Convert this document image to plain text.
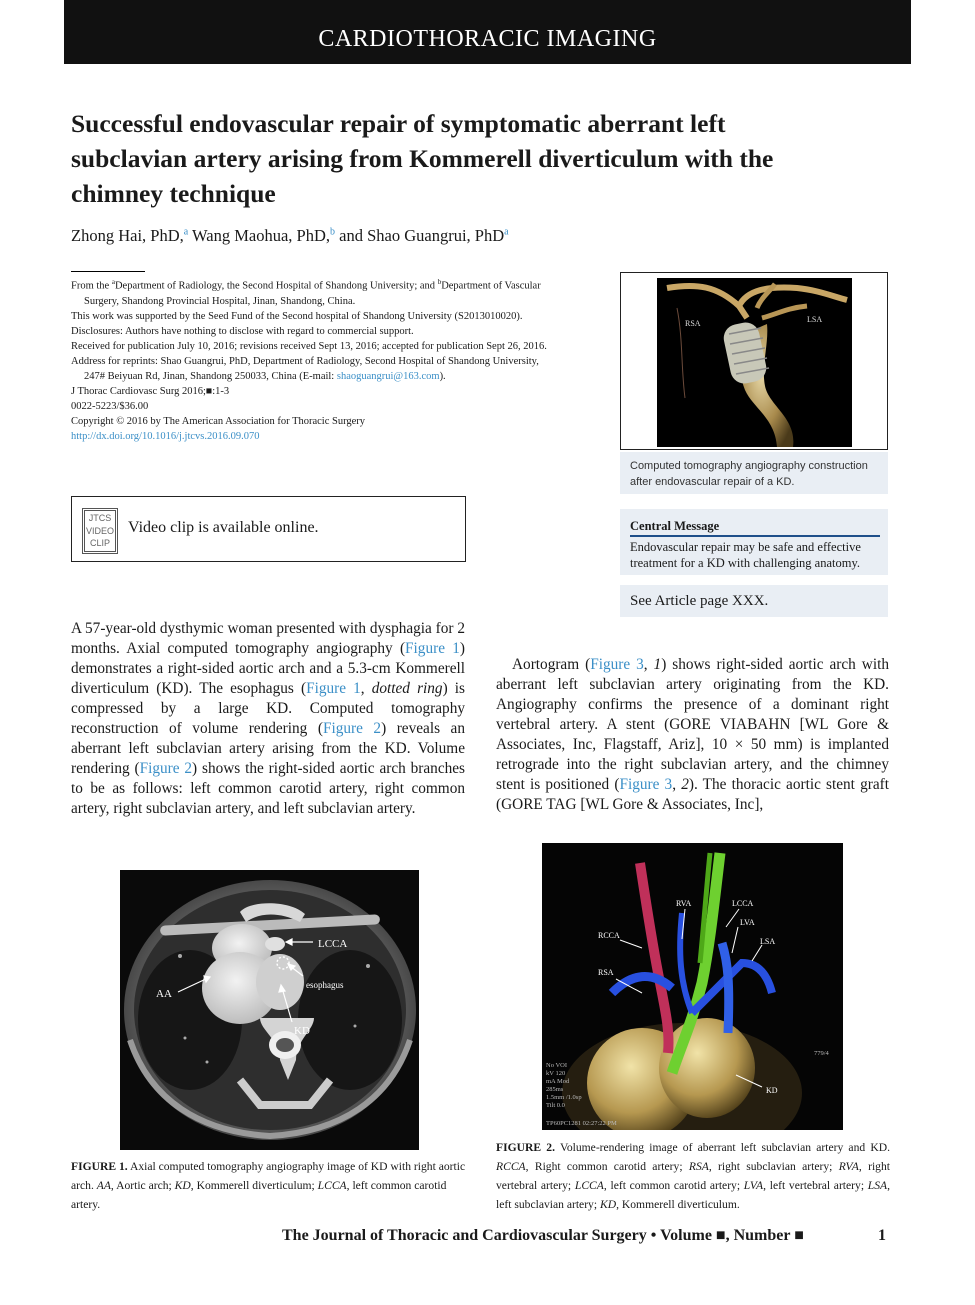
CARDIOTHORACIC IMAGING
Successful endovascular repair of symptomatic aberrant left subclavian artery arising from Kommerell diverticulum with the chimney technique
Zhong Hai, PhD,$^a$ Wang Maohua, PhD,$^b$ and Shao Guangrui, PhD$^a$
From the $^a$Department of Radiology, the Second Hospital of Shandong University; and $^b$Department of Vascular
Surgery, Shandong Provincial Hospital, Jinan, Shandong, China.
This work was supported by the Seed Fund of the Second hospital of Shandong University (S2013010020).
Disclosures: Authors have nothing to disclose with regard to commercial support.
Received for publication July 10, 2016; revisions received Sept 13, 2016; accepted for publication Sept 26, 2016.
Address for reprints: Shao Guangrui, PhD, Department of Radiology, Second Hospital of Shandong University,
247# Beiyuan Rd, Jinan, Shandong 250033, China (E-mail: shaoguangrui@163.com).
J Thorac Cardiovasc Surg 2016;■:1-3
0022-5223/$36.00
Copyright © 2016 by The American Association for Thoracic Surgery
http://dx.doi.org/10.1016/j.jtcvs.2016.09.070
JTCS
VIDEO
CLIP
Video clip is available online.
RSA	LSA
Computed tomography angiography construction after endovascular repair of a KD.
Central Message
Endovascular repair may be safe and effective treatment for a KD with challenging anatomy.
See Article page XXX.
A 57-year-old dysthymic woman presented with dysphagia for 2 months. Axial computed tomography angiography (Figure 1) demonstrates a right-sided aortic arch and a 5.3-cm Kommerell diverticulum (KD). The esophagus (Figure 1, dotted ring) is compressed by a large KD. Computed tomography reconstruction of volume rendering (Figure 2) reveals an aberrant left subclavian artery arising from the KD. Volume rendering (Figure 2) shows the right-sided aortic arch branches to be as follows: left common carotid artery, right common artery, right subclavian artery, and left subclavian artery.
Aortogram (Figure 3, 1) shows right-sided aortic arch with aberrant left subclavian artery originating from the KD. Angiography confirms the presence of a dominant right vertebral artery. A stent (GORE VIABAHN [WL Gore & Associates, Inc, Flagstaff, Ariz], 10 × 50 mm) is implanted retrograde into the right subclavian artery, and the chimney stent is positioned (Figure 3, 2). The thoracic aortic stent graft (GORE TAG [WL Gore & Associates, Inc],
LCCA
esophagus
AA
KD
FIGURE 1. Axial computed tomography angiography image of KD with right aortic arch. AA, Aortic arch; KD, Kommerell diverticulum; LCCA, left common carotid artery.
RVA	LCCA
RCCA
LVA
LSA
RSA
KD
No VOI
kV 120
mA Mod
285ms
1.5mm /1.0sp
Tilt 0.0
TP60PC1281 02:27:22 PM
779/4
FIGURE 2. Volume-rendering image of aberrant left subclavian artery and KD. RCCA, Right common carotid artery; RSA, right subclavian artery; RVA, right vertebral artery; LCCA, left common carotid artery; LVA, left vertebral artery; LSA, left subclavian artery; KD, Kommerell diverticulum.
The Journal of Thoracic and Cardiovascular Surgery • Volume ■, Number ■	1
